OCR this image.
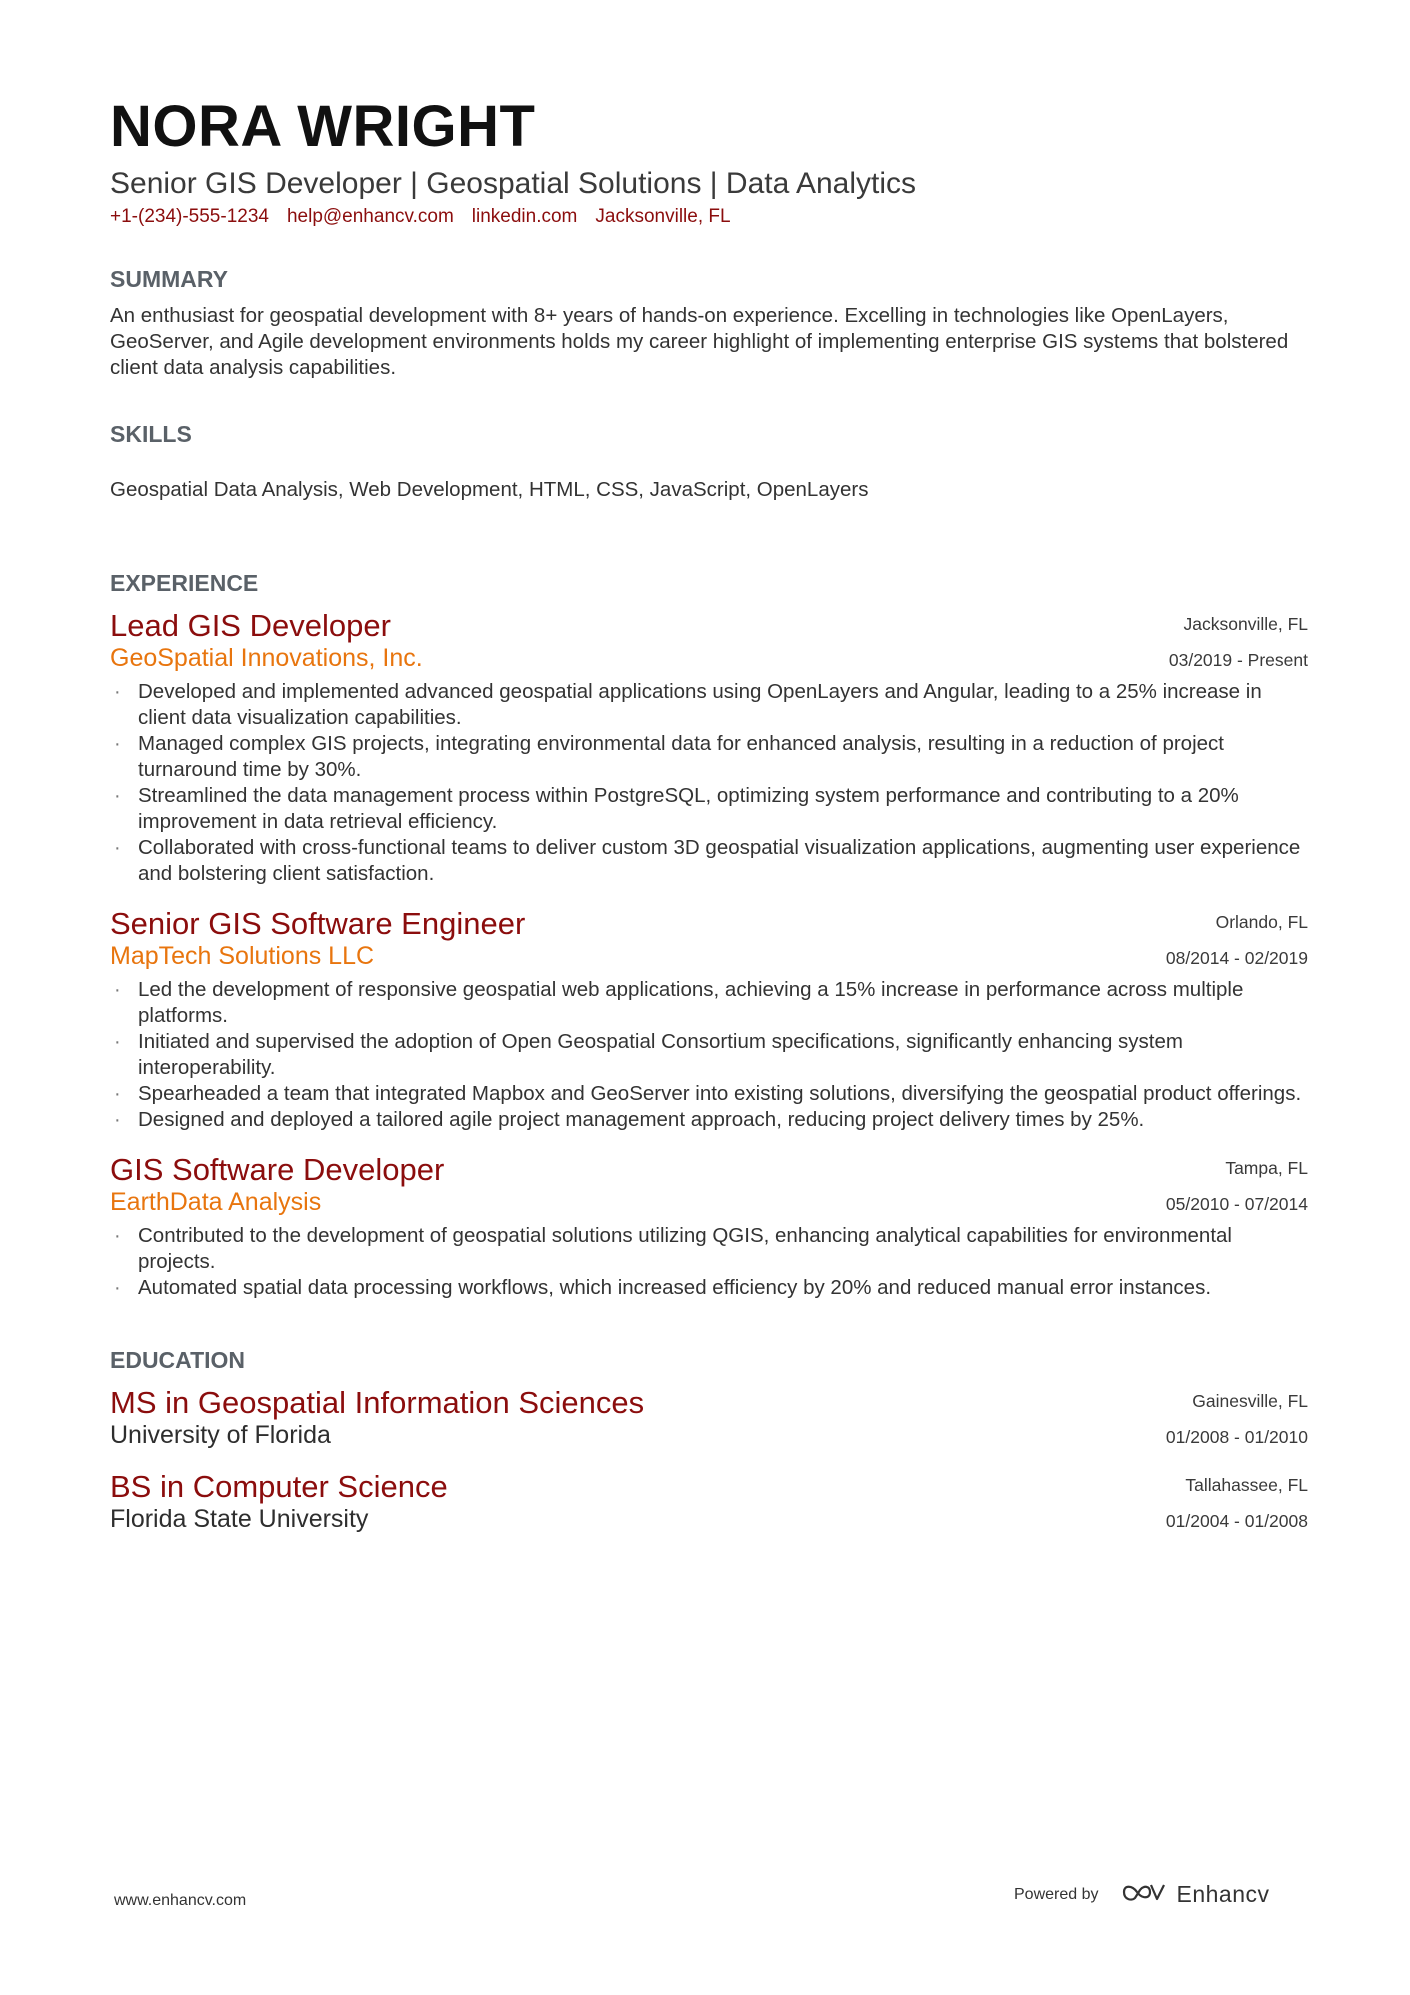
NORA WRIGHT
Senior GIS Developer | Geospatial Solutions | Data Analytics
+1-(234)-555-1234 help@enhancv.com linkedin.com Jacksonville, FL
SUMMARY
An enthusiast for geospatial development with 8+ years of hands-on experience. Excelling in technologies like OpenLayers, GeoServer, and Agile development environments holds my career highlight of implementing enterprise GIS systems that bolstered client data analysis capabilities.
SKILLS
Geospatial Data Analysis, Web Development, HTML, CSS, JavaScript, OpenLayers
EXPERIENCE
Lead GIS Developer	Jacksonville, FL
GeoSpatial Innovations, Inc.	03/2019 - Present
· Developed and implemented advanced geospatial applications using OpenLayers and Angular, leading to a 25% increase in client data visualization capabilities.
· Managed complex GIS projects, integrating environmental data for enhanced analysis, resulting in a reduction of project turnaround time by 30%.
· Streamlined the data management process within PostgreSQL, optimizing system performance and contributing to a 20% improvement in data retrieval efficiency.
· Collaborated with cross-functional teams to deliver custom 3D geospatial visualization applications, augmenting user experience and bolstering client satisfaction.
Senior GIS Software Engineer	Orlando, FL
MapTech Solutions LLC	08/2014 - 02/2019
· Led the development of responsive geospatial web applications, achieving a 15% increase in performance across multiple platforms.
· Initiated and supervised the adoption of Open Geospatial Consortium specifications, significantly enhancing system interoperability.
· Spearheaded a team that integrated Mapbox and GeoServer into existing solutions, diversifying the geospatial product offerings.
· Designed and deployed a tailored agile project management approach, reducing project delivery times by 25%.
GIS Software Developer	Tampa, FL
EarthData Analysis	05/2010 - 07/2014
· Contributed to the development of geospatial solutions utilizing QGIS, enhancing analytical capabilities for environmental projects.
· Automated spatial data processing workflows, which increased efficiency by 20% and reduced manual error instances.
EDUCATION
MS in Geospatial Information Sciences	Gainesville, FL
University of Florida	01/2008 - 01/2010
BS in Computer Science	Tallahassee, FL
Florida State University	01/2004 - 01/2008
www.enhancv.com	Powered by	Enhancv
